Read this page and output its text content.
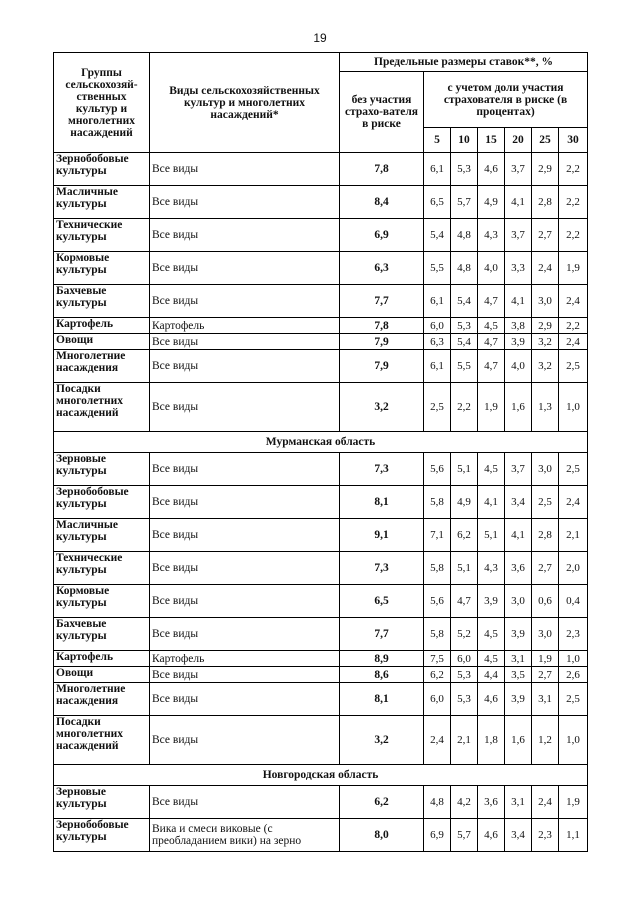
19
Группы сельскохозяй-ственных культур и многолетних насаждений	Виды сельскохозяйственных культур и многолетних насаждений*	Предельные размеры ставок**, %						
		без участия страхо-вателя в риске	с учетом доли участия страхователя в риске (в процентах)					
			5	10	15	20	25	30
Зернобобовые культуры	Все виды	7,8	6,1	5,3	4,6	3,7	2,9	2,2
Масличные культуры	Все виды	8,4	6,5	5,7	4,9	4,1	2,8	2,2
Технические культуры	Все виды	6,9	5,4	4,8	4,3	3,7	2,7	2,2
Кормовые культуры	Все виды	6,3	5,5	4,8	4,0	3,3	2,4	1,9
Бахчевые культуры	Все виды	7,7	6,1	5,4	4,7	4,1	3,0	2,4
Картофель	Картофель	7,8	6,0	5,3	4,5	3,8	2,9	2,2
Овощи	Все виды	7,9	6,3	5,4	4,7	3,9	3,2	2,4
Многолетние насаждения	Все виды	7,9	6,1	5,5	4,7	4,0	3,2	2,5
Посадки многолетних насаждений	Все виды	3,2	2,5	2,2	1,9	1,6	1,3	1,0
Мурманская область								
Зерновые культуры	Все виды	7,3	5,6	5,1	4,5	3,7	3,0	2,5
Зернобобовые культуры	Все виды	8,1	5,8	4,9	4,1	3,4	2,5	2,4
Масличные культуры	Все виды	9,1	7,1	6,2	5,1	4,1	2,8	2,1
Технические культуры	Все виды	7,3	5,8	5,1	4,3	3,6	2,7	2,0
Кормовые культуры	Все виды	6,5	5,6	4,7	3,9	3,0	0,6	0,4
Бахчевые культуры	Все виды	7,7	5,8	5,2	4,5	3,9	3,0	2,3
Картофель	Картофель	8,9	7,5	6,0	4,5	3,1	1,9	1,0
Овощи	Все виды	8,6	6,2	5,3	4,4	3,5	2,7	2,6
Многолетние насаждения	Все виды	8,1	6,0	5,3	4,6	3,9	3,1	2,5
Посадки многолетних насаждений	Все виды	3,2	2,4	2,1	1,8	1,6	1,2	1,0
Новгородская область								
Зерновые культуры	Все виды	6,2	4,8	4,2	3,6	3,1	2,4	1,9
Зернобобовые культуры	Вика и смеси виковые (с преобладанием вики) на зерно	8,0	6,9	5,7	4,6	3,4	2,3	1,1
